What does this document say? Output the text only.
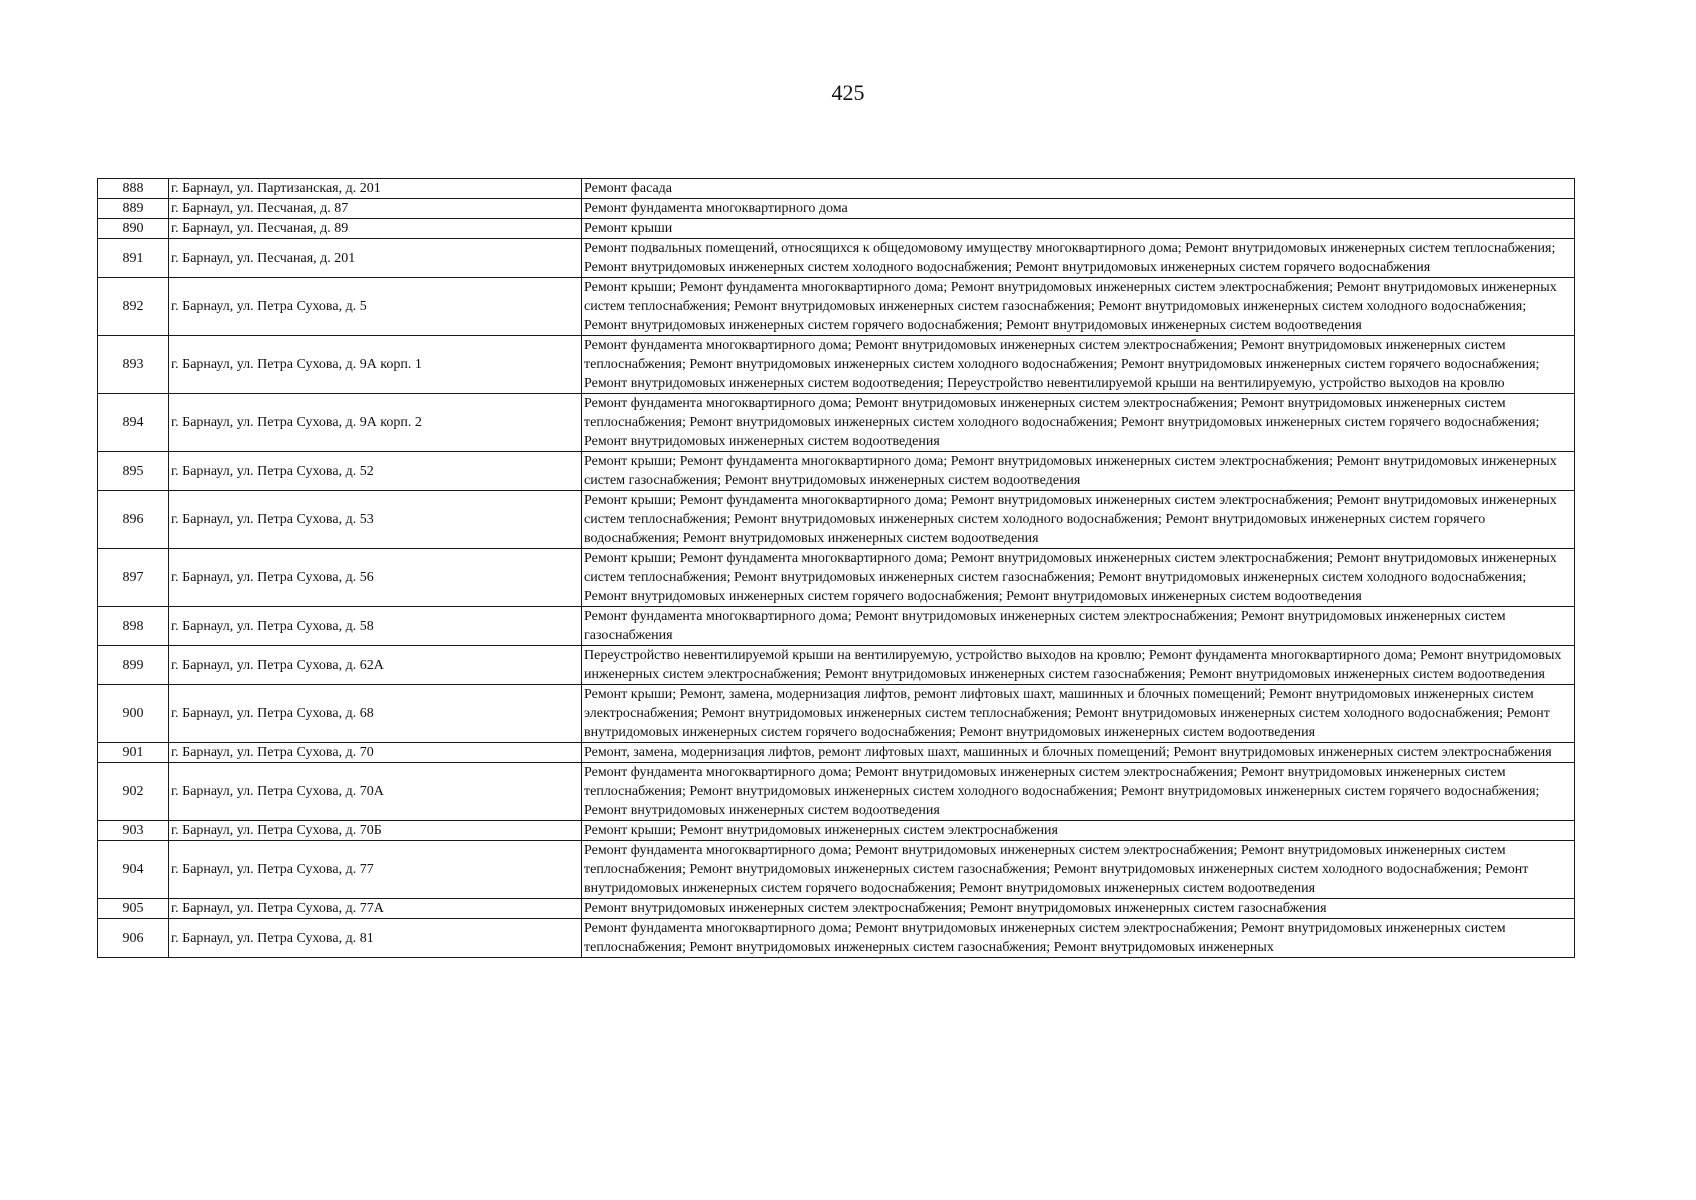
425
888	г. Барнаул, ул. Партизанская, д. 201	Ремонт фасада
889	г. Барнаул, ул. Песчаная, д. 87	Ремонт фундамента многоквартирного дома
890	г. Барнаул, ул. Песчаная, д. 89	Ремонт крыши
891	г. Барнаул, ул. Песчаная, д. 201	Ремонт подвальных помещений, относящихся к общедомовому имуществу многоквартирного дома; Ремонт внутридомовых инженерных систем теплоснабжения; Ремонт внутридомовых инженерных систем холодного водоснабжения; Ремонт внутридомовых инженерных систем горячего водоснабжения
892	г. Барнаул, ул. Петра Сухова, д. 5	Ремонт крыши; Ремонт фундамента многоквартирного дома; Ремонт внутридомовых инженерных систем электроснабжения; Ремонт внутридомовых инженерных систем теплоснабжения; Ремонт внутридомовых инженерных систем газоснабжения; Ремонт внутридомовых инженерных систем холодного водоснабжения; Ремонт внутридомовых инженерных систем горячего водоснабжения; Ремонт внутридомовых инженерных систем водоотведения
893	г. Барнаул, ул. Петра Сухова, д. 9А корп. 1	Ремонт фундамента многоквартирного дома; Ремонт внутридомовых инженерных систем электроснабжения; Ремонт внутридомовых инженерных систем теплоснабжения; Ремонт внутридомовых инженерных систем холодного водоснабжения; Ремонт внутридомовых инженерных систем горячего водоснабжения; Ремонт внутридомовых инженерных систем водоотведения; Переустройство невентилируемой крыши на вентилируемую, устройство выходов на кровлю
894	г. Барнаул, ул. Петра Сухова, д. 9А корп. 2	Ремонт фундамента многоквартирного дома; Ремонт внутридомовых инженерных систем электроснабжения; Ремонт внутридомовых инженерных систем теплоснабжения; Ремонт внутридомовых инженерных систем холодного водоснабжения; Ремонт внутридомовых инженерных систем горячего водоснабжения; Ремонт внутридомовых инженерных систем водоотведения
895	г. Барнаул, ул. Петра Сухова, д. 52	Ремонт крыши; Ремонт фундамента многоквартирного дома; Ремонт внутридомовых инженерных систем электроснабжения; Ремонт внутридомовых инженерных систем газоснабжения; Ремонт внутридомовых инженерных систем водоотведения
896	г. Барнаул, ул. Петра Сухова, д. 53	Ремонт крыши; Ремонт фундамента многоквартирного дома; Ремонт внутридомовых инженерных систем электроснабжения; Ремонт внутридомовых инженерных систем теплоснабжения; Ремонт внутридомовых инженерных систем холодного водоснабжения; Ремонт внутридомовых инженерных систем горячего водоснабжения; Ремонт внутридомовых инженерных систем водоотведения
897	г. Барнаул, ул. Петра Сухова, д. 56	Ремонт крыши; Ремонт фундамента многоквартирного дома; Ремонт внутридомовых инженерных систем электроснабжения; Ремонт внутридомовых инженерных систем теплоснабжения; Ремонт внутридомовых инженерных систем газоснабжения; Ремонт внутридомовых инженерных систем холодного водоснабжения; Ремонт внутридомовых инженерных систем горячего водоснабжения; Ремонт внутридомовых инженерных систем водоотведения
898	г. Барнаул, ул. Петра Сухова, д. 58	Ремонт фундамента многоквартирного дома; Ремонт внутридомовых инженерных систем электроснабжения; Ремонт внутридомовых инженерных систем газоснабжения
899	г. Барнаул, ул. Петра Сухова, д. 62А	Переустройство невентилируемой крыши на вентилируемую, устройство выходов на кровлю; Ремонт фундамента многоквартирного дома; Ремонт внутридомовых инженерных систем электроснабжения; Ремонт внутридомовых инженерных систем газоснабжения; Ремонт внутридомовых инженерных систем водоотведения
900	г. Барнаул, ул. Петра Сухова, д. 68	Ремонт крыши; Ремонт, замена, модернизация лифтов, ремонт лифтовых шахт, машинных и блочных помещений; Ремонт внутридомовых инженерных систем электроснабжения; Ремонт внутридомовых инженерных систем теплоснабжения; Ремонт внутридомовых инженерных систем холодного водоснабжения; Ремонт внутридомовых инженерных систем горячего водоснабжения; Ремонт внутридомовых инженерных систем водоотведения
901	г. Барнаул, ул. Петра Сухова, д. 70	Ремонт, замена, модернизация лифтов, ремонт лифтовых шахт, машинных и блочных помещений; Ремонт внутридомовых инженерных систем электроснабжения
902	г. Барнаул, ул. Петра Сухова, д. 70А	Ремонт фундамента многоквартирного дома; Ремонт внутридомовых инженерных систем электроснабжения; Ремонт внутридомовых инженерных систем теплоснабжения; Ремонт внутридомовых инженерных систем холодного водоснабжения; Ремонт внутридомовых инженерных систем горячего водоснабжения; Ремонт внутридомовых инженерных систем водоотведения
903	г. Барнаул, ул. Петра Сухова, д. 70Б	Ремонт крыши; Ремонт внутридомовых инженерных систем электроснабжения
904	г. Барнаул, ул. Петра Сухова, д. 77	Ремонт фундамента многоквартирного дома; Ремонт внутридомовых инженерных систем электроснабжения; Ремонт внутридомовых инженерных систем теплоснабжения; Ремонт внутридомовых инженерных систем газоснабжения; Ремонт внутридомовых инженерных систем холодного водоснабжения; Ремонт внутридомовых инженерных систем горячего водоснабжения; Ремонт внутридомовых инженерных систем водоотведения
905	г. Барнаул, ул. Петра Сухова, д. 77А	Ремонт внутридомовых инженерных систем электроснабжения; Ремонт внутридомовых инженерных систем газоснабжения
906	г. Барнаул, ул. Петра Сухова, д. 81	Ремонт фундамента многоквартирного дома; Ремонт внутридомовых инженерных систем электроснабжения; Ремонт внутридомовых инженерных систем теплоснабжения; Ремонт внутридомовых инженерных систем газоснабжения; Ремонт внутридомовых инженерных
